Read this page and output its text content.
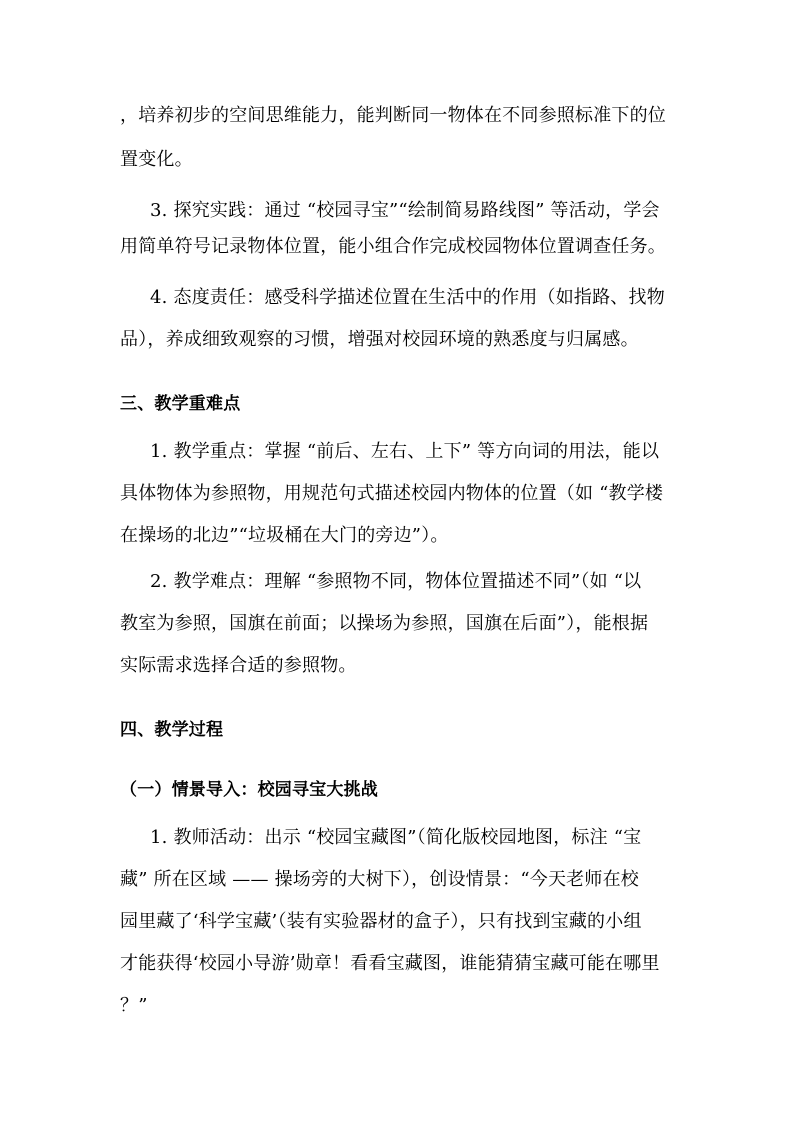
，培养初步的空间思维能力，能判断同一物体在不同参照标准下的位
置变化。
3. 探究实践：通过 “校园寻宝”“绘制简易路线图” 等活动，学会
用简单符号记录物体位置，能小组合作完成校园物体位置调查任务。
4. 态度责任：感受科学描述位置在生活中的作用（如指路、找物
品），养成细致观察的习惯，增强对校园环境的熟悉度与归属感。
三、教学重难点
1. 教学重点：掌握 “前后、左右、上下” 等方向词的用法，能以
具体物体为参照物，用规范句式描述校园内物体的位置（如 “教学楼
在操场的北边”“垃圾桶在大门的旁边”）。
2. 教学难点：理解 “参照物不同，物体位置描述不同”（如 “以
教室为参照，国旗在前面；以操场为参照，国旗在后面”），能根据
实际需求选择合适的参照物。
四、教学过程
（一）情景导入：校园寻宝大挑战
1. 教师活动：出示 “校园宝藏图”（简化版校园地图，标注 “宝
藏” 所在区域 —— 操场旁的大树下），创设情景：“今天老师在校
园里藏了‘科学宝藏’（装有实验器材的盒子），只有找到宝藏的小组
才能获得‘校园小导游’勋章！看看宝藏图，谁能猜猜宝藏可能在哪里
？”
